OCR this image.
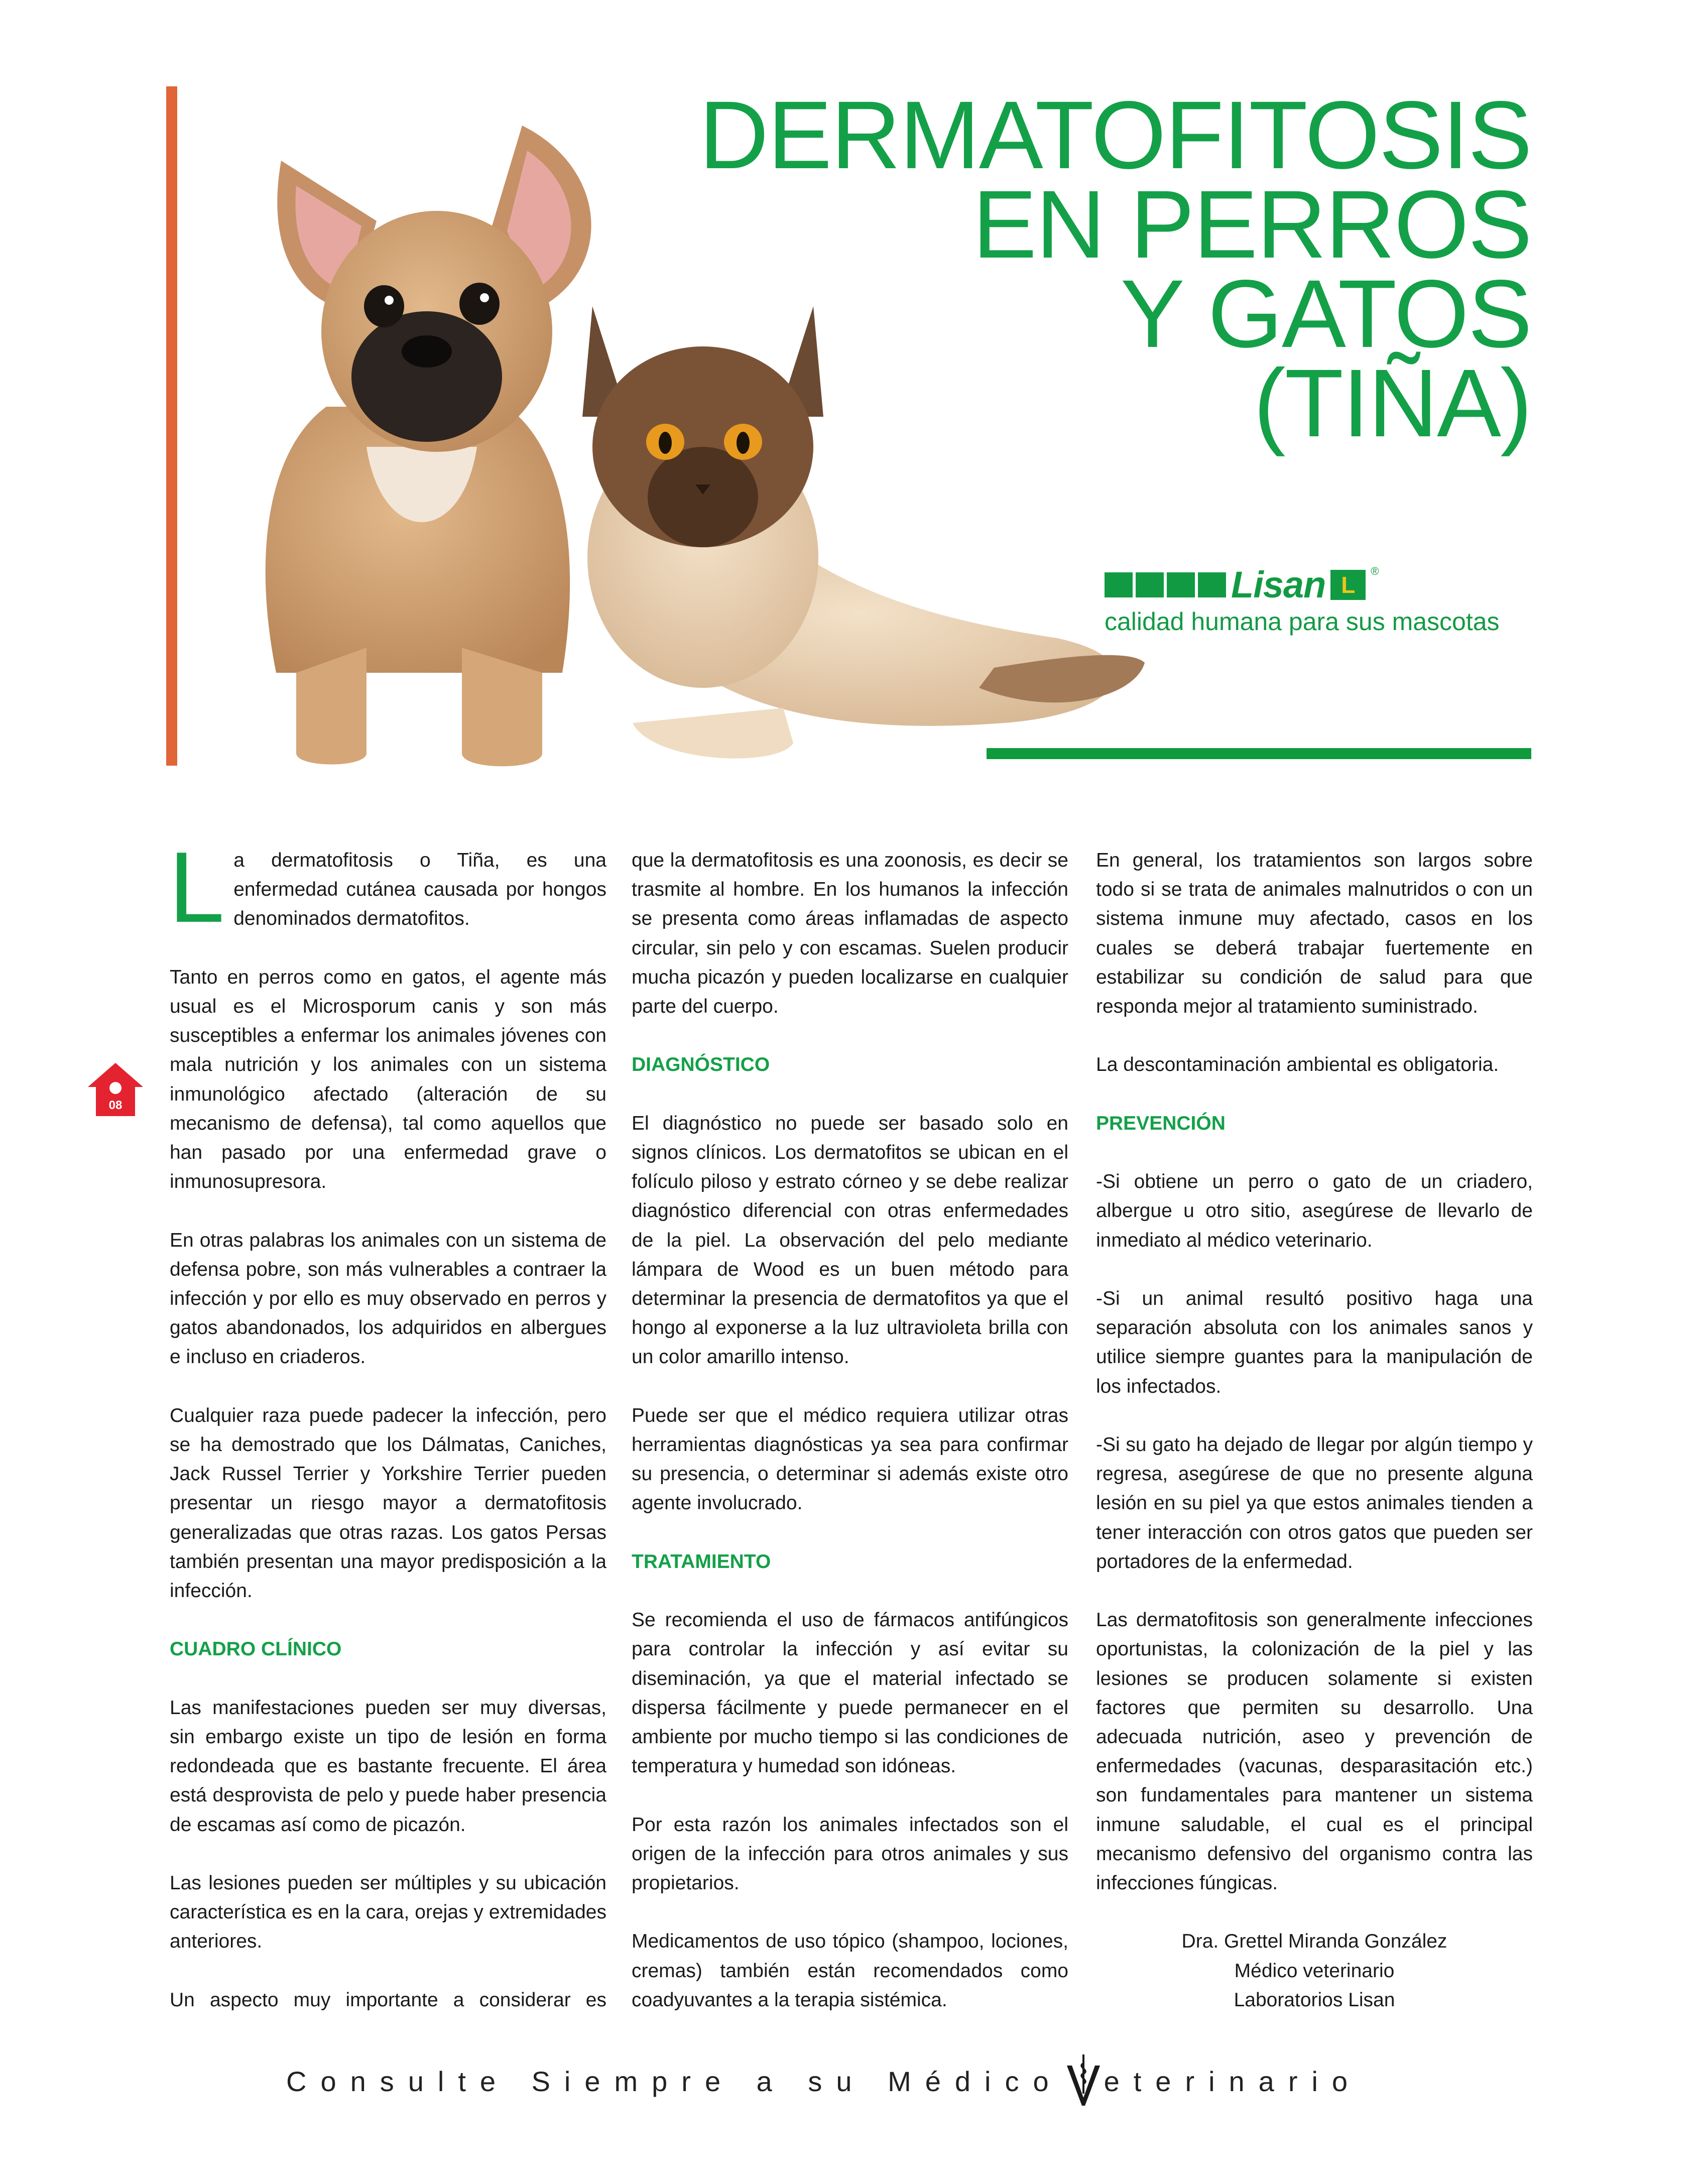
DERMATOFITOSIS
EN PERROS
Y GATOS
(TIÑA)
Lisan L
®
calidad humana para sus mascotas
08

La dermatofitosis o Tiña, es una enfermedad cutánea causada por hongos denominados dermatofitos.

Tanto en perros como en gatos, el agente más usual es el Microsporum canis y son más susceptibles a enfermar los animales jóvenes con mala nutrición y los animales con un sistema inmunológico afectado (alteración de su mecanismo de defensa), tal como aquellos que han pasado por una enfermedad grave o inmunosupresora.

En otras palabras los animales con un sistema de defensa pobre, son más vulnerables a contraer la infección y por ello es muy observado en perros y gatos abandonados, los adquiridos en albergues e incluso en criaderos.

Cualquier raza puede padecer la infección, pero se ha demostrado que los Dálmatas, Caniches, Jack Russel Terrier y Yorkshire Terrier pueden presentar un riesgo mayor a dermatofitosis generalizadas que otras razas. Los gatos Persas también presentan una mayor predisposición a la infección.

CUADRO CLÍNICO

Las manifestaciones pueden ser muy diversas, sin embargo existe un tipo de lesión en forma redondeada que es bastante frecuente. El área está desprovista de pelo y puede haber presencia de escamas así como de picazón.

Las lesiones pueden ser múltiples y su ubicación característica es en la cara, orejas y extremidades anteriores.

Un aspecto muy importante a considerar es

que la dermatofitosis es una zoonosis, es decir se trasmite al hombre. En los humanos la infección se presenta como áreas inflamadas de aspecto circular, sin pelo y con escamas. Suelen producir mucha picazón y pueden localizarse en cualquier parte del cuerpo.

DIAGNÓSTICO

El diagnóstico no puede ser basado solo en signos clínicos. Los dermatofitos se ubican en el folículo piloso y estrato córneo y se debe realizar diagnóstico diferencial con otras enfermedades de la piel. La observación del pelo mediante lámpara de Wood es un buen método para determinar la presencia de dermatofitos ya que el hongo al exponerse a la luz ultravioleta brilla con un color amarillo intenso.

Puede ser que el médico requiera utilizar otras herramientas diagnósticas ya sea para confirmar su presencia, o determinar si además existe otro agente involucrado.

TRATAMIENTO

Se recomienda el uso de fármacos antifúngicos para controlar la infección y así evitar su diseminación, ya que el material infectado se dispersa fácilmente y puede permanecer en el ambiente por mucho tiempo si las condiciones de temperatura y humedad son idóneas.

Por esta razón los animales infectados son el origen de la infección para otros animales y sus propietarios.

Medicamentos de uso tópico (shampoo, lociones, cremas) también están recomendados como coadyuvantes a la terapia sistémica.

En general, los tratamientos son largos sobre todo si se trata de animales malnutridos o con un sistema inmune muy afectado, casos en los cuales se deberá trabajar fuertemente en estabilizar su condición de salud para que responda mejor al tratamiento suministrado.

La descontaminación ambiental es obligatoria.

PREVENCIÓN

-Si obtiene un perro o gato de un criadero, albergue u otro sitio, asegúrese de llevarlo de inmediato al médico veterinario.

-Si un animal resultó positivo haga una separación absoluta con los animales sanos y utilice siempre guantes para la manipulación de los infectados.

-Si su gato ha dejado de llegar por algún tiempo y regresa, asegúrese de que no presente alguna lesión en su piel ya que estos animales tienden a tener interacción con otros gatos que pueden ser portadores de la enfermedad.

Las dermatofitosis son generalmente infecciones oportunistas, la colonización de la piel y las lesiones se producen solamente si existen factores que permiten su desarrollo. Una adecuada nutrición, aseo y prevención de enfermedades (vacunas, desparasitación etc.) son fundamentales para mantener un sistema inmune saludable, el cual es el principal mecanismo defensivo del organismo contra las infecciones fúngicas.

Dra. Grettel Miranda González
Médico veterinario
Laboratorios Lisan
Consulte Siempre a su Médico eterinario
